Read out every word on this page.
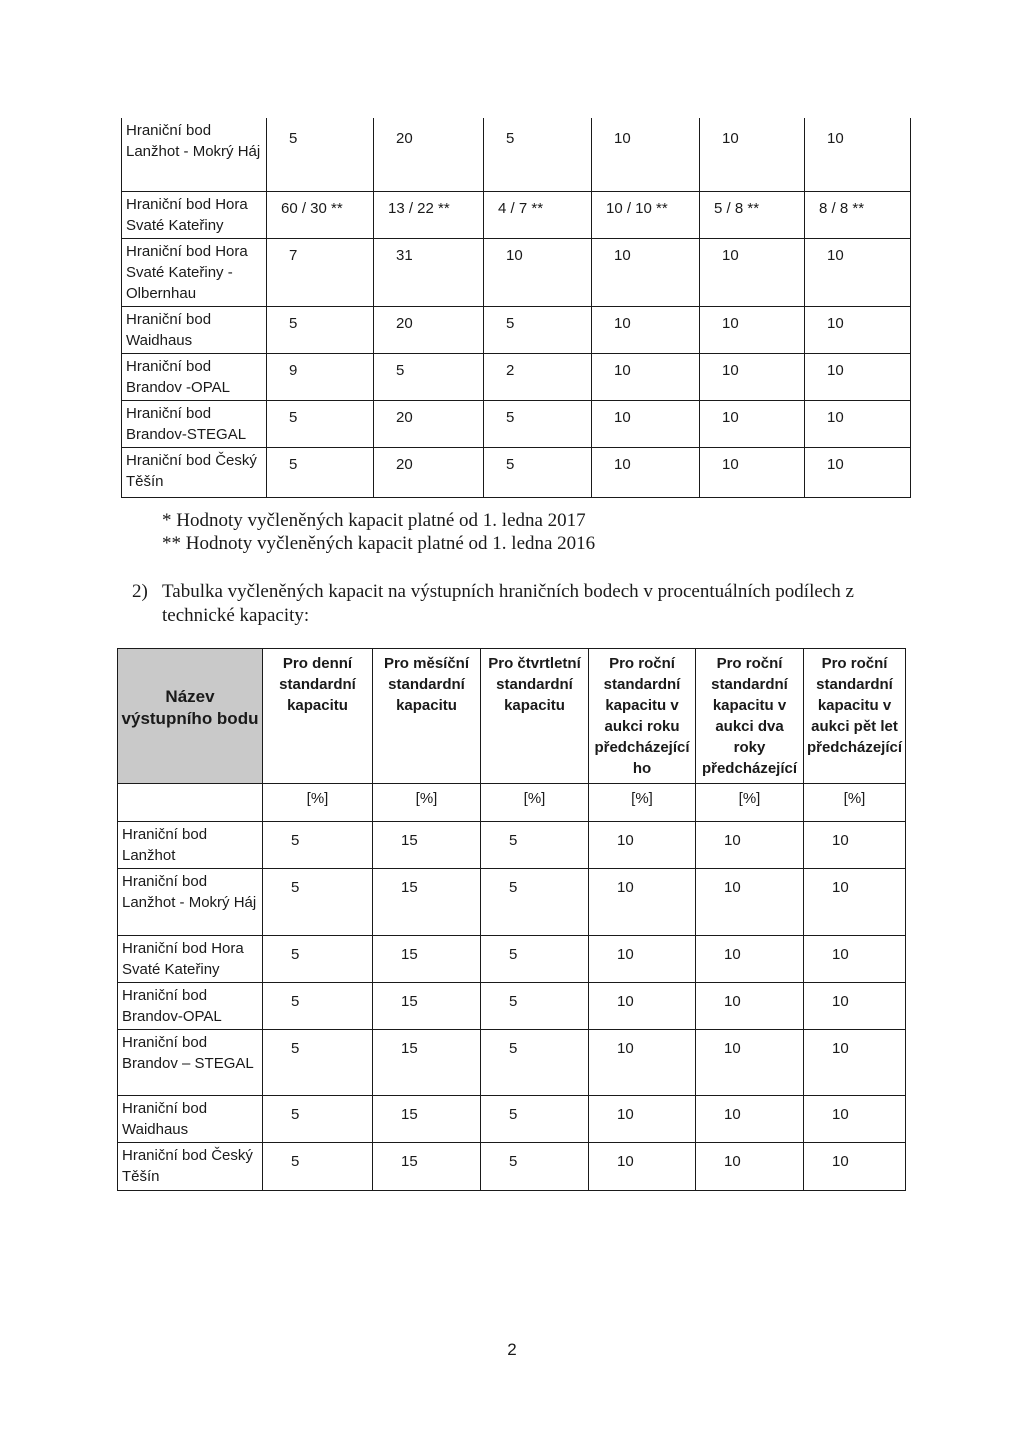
Hraniční bod Lanžhot - Mokrý Háj	5	20	5	10	10	10
Hraniční bod Hora Svaté Kateřiny	60 / 30 **	13 / 22 **	4 / 7 **	10 / 10 **	5 / 8 **	8 / 8 **
Hraniční bod Hora Svaté Kateřiny - Olbernhau	7	31	10	10	10	10
Hraniční bod Waidhaus	5	20	5	10	10	10
Hraniční bod Brandov -OPAL	9	5	2	10	10	10
Hraniční bod Brandov-STEGAL	5	20	5	10	10	10
Hraniční bod Český Těšín	5	20	5	10	10	10
* Hodnoty vyčleněných kapacit platné od 1. ledna 2017
** Hodnoty vyčleněných kapacit platné od 1. ledna 2016
2) Tabulka vyčleněných kapacit na výstupních hraničních bodech v procentuálních podílech z technické kapacity:
Název výstupního bodu	Pro denní standardní kapacitu	Pro měsíční standardní kapacitu	Pro čtvrtletní standardní kapacitu	Pro roční standardní kapacitu v aukci roku předcházející ho	Pro roční standardní kapacitu v aukci dva roky předcházející	Pro roční standardní kapacitu v aukci pět let předcházející
	[%]	[%]	[%]	[%]	[%]	[%]
Hraniční bod Lanžhot	5	15	5	10	10	10
Hraniční bod Lanžhot - Mokrý Háj	5	15	5	10	10	10
Hraniční bod Hora Svaté Kateřiny	5	15	5	10	10	10
Hraniční bod Brandov-OPAL	5	15	5	10	10	10
Hraniční bod Brandov – STEGAL	5	15	5	10	10	10
Hraniční bod Waidhaus	5	15	5	10	10	10
Hraniční bod Český Těšín	5	15	5	10	10	10
2
